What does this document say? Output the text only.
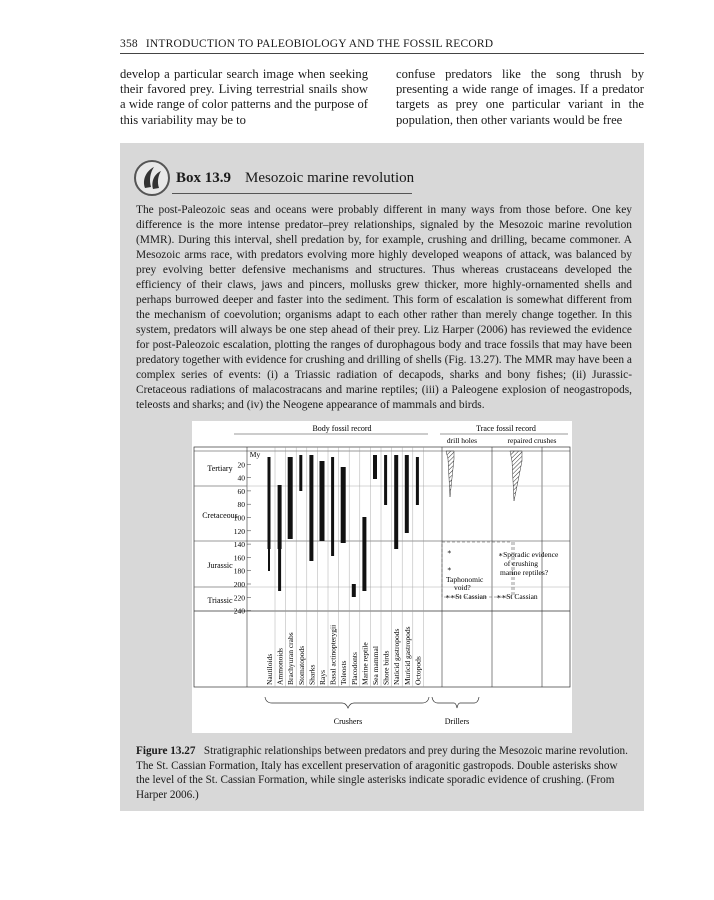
358 INTRODUCTION TO PALEOBIOLOGY AND THE FOSSIL RECORD
develop a particular search image when seeking their favored prey. Living terrestrial snails show a wide range of color patterns and the purpose of this variability may be to
confuse predators like the song thrush by presenting a wide range of images. If a predator targets as prey one particular variant in the population, then other variants would be free
Box 13.9 Mesozoic marine revolution
The post-Paleozoic seas and oceans were probably different in many ways from those before. One key difference is the more intense predator–prey relationships, signaled by the Mesozoic marine revolution (MMR). During this interval, shell predation by, for example, crushing and drilling, became commoner. A Mesozoic arms race, with predators evolving more highly developed weapons of attack, was balanced by prey evolving better defensive mechanisms and structures. Thus whereas crustaceans developed the efficiency of their claws, jaws and pincers, mollusks grew thicker, more highly-ornamented shells and perhaps burrowed deeper and faster into the sediment. This form of escalation is somewhat different from the mechanism of coevolution; organisms adapt to each other rather than merely change together. In this system, predators will always be one step ahead of their prey. Liz Harper (2006) has reviewed the evidence for post-Paleozoic escalation, plotting the ranges of durophagous body and trace fossils that may have been predatory together with evidence for crushing and drilling of shells (Fig. 13.27). The MMR may have been a complex series of events: (i) a Triassic radiation of decapods, sharks and bony fishes; (ii) Jurassic-Cretaceous radiations of malacostracans and marine reptiles; (iii) a Paleogene explosion of neogastropods, teleosts and sharks; and (iv) the Neogene appearance of mammals and birds.
Body fossil record	Trace fossil record
drill holes	repaired crushes
Tertiary
Cretaceous
Jurassic
Triassic
My
20
40
60
80
100
120
140
160
180
200
220
240
Nautiloids Ammonoids Brachyuran crabs Stomatopods Sharks Rays Basal actinopterygii Teleosts Placodonts Marine reptile Sea mammal Shore birds Naticid gastropods Muricid gastropods Octopods
∗
∗
∗Sporadic evidence
of crushing
marine reptiles?
Taphonomic
void?
∗∗St Cassian ∗∗St Cassian
Crushers	Drillers
Figure 13.27 Stratigraphic relationships between predators and prey during the Mesozoic marine revolution. The St. Cassian Formation, Italy has excellent preservation of aragonitic gastropods. Double asterisks show the level of the St. Cassian Formation, while single asterisks indicate sporadic evidence of crushing. (From Harper 2006.)
